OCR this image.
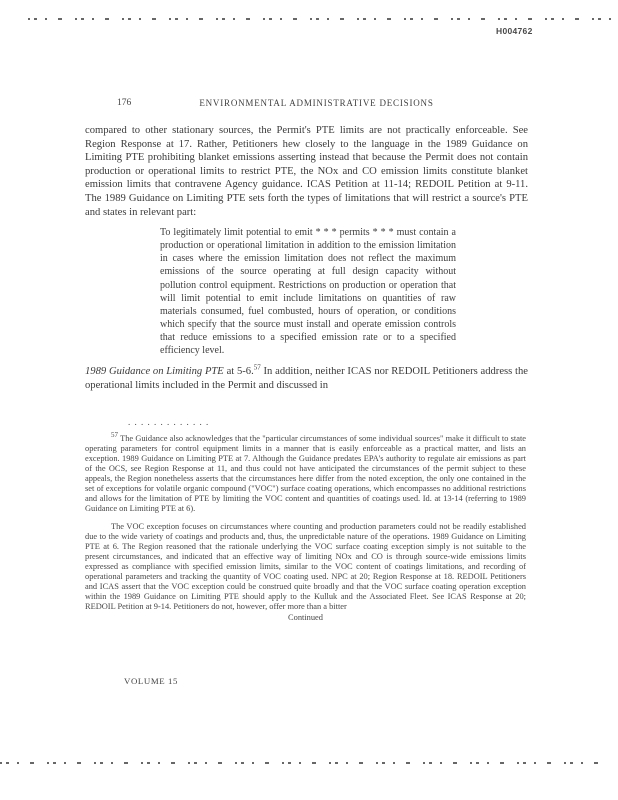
H004762
176	ENVIRONMENTAL ADMINISTRATIVE DECISIONS

compared to other stationary sources, the Permit's PTE limits are not practically enforceable. See Region Response at 17. Rather, Petitioners hew closely to the language in the 1989 Guidance on Limiting PTE prohibiting blanket emissions asserting instead that because the Permit does not contain production or operational limits to restrict PTE, the NOx and CO emission limits constitute blanket emission limits that contravene Agency guidance. ICAS Petition at 11-14; REDOIL Petition at 9-11. The 1989 Guidance on Limiting PTE sets forth the types of limitations that will restrict a source's PTE and states in relevant part:

To legitimately limit potential to emit * * * permits * * * must contain a production or operational limitation in addition to the emission limitation in cases where the emission limitation does not reflect the maximum emissions of the source operating at full design capacity without pollution control equipment. Restrictions on production or operation that will limit potential to emit include limitations on quantities of raw materials consumed, fuel combusted, hours of operation, or conditions which specify that the source must install and operate emission controls that reduce emissions to a specified emission rate or to a specified efficiency level.

1989 Guidance on Limiting PTE at 5-6.57 In addition, neither ICAS nor REDOIL Petitioners address the operational limits included in the Permit and discussed in

. . . . . . . . . . . . .

$^{57}$ The Guidance also acknowledges that the "particular circumstances of some individual sources" make it difficult to state operating parameters for control equipment limits in a manner that is easily enforceable as a practical matter, and lists an exception. 1989 Guidance on Limiting PTE at 7. Although the Guidance predates EPA's authority to regulate air emissions as part of the OCS, see Region Response at 11, and thus could not have anticipated the circumstances of the permit subject to these appeals, the Region nonetheless asserts that the circumstances here differ from the noted exception, the only one contained in the set of exceptions for volatile organic compound ("VOC") surface coating operations, which encompasses no additional restrictions and allows for the limitation of PTE by limiting the VOC content and quantities of coatings used. Id. at 13-14 (referring to 1989 Guidance on Limiting PTE at 6).

The VOC exception focuses on circumstances where counting and production parameters could not be readily established due to the wide variety of coatings and products and, thus, the unpredictable nature of the operations. 1989 Guidance on Limiting PTE at 6. The Region reasoned that the rationale underlying the VOC surface coating exception simply is not suitable to the present circumstances, and indicated that an effective way of limiting NOx and CO is through source-wide emissions limits expressed as compliance with specified emission limits, similar to the VOC content of coatings limitations, and recording of operational parameters and tracking the quantity of VOC coating used. NPC at 20; Region Response at 18. REDOIL Petitioners and ICAS assert that the VOC exception could be construed quite broadly and that the VOC surface coating operation exception within the 1989 Guidance on Limiting PTE should apply to the Kulluk and the Associated Fleet. See ICAS Response at 20; REDOIL Petition at 9-14. Petitioners do not, however, offer more than a bitter

Continued

VOLUME 15
